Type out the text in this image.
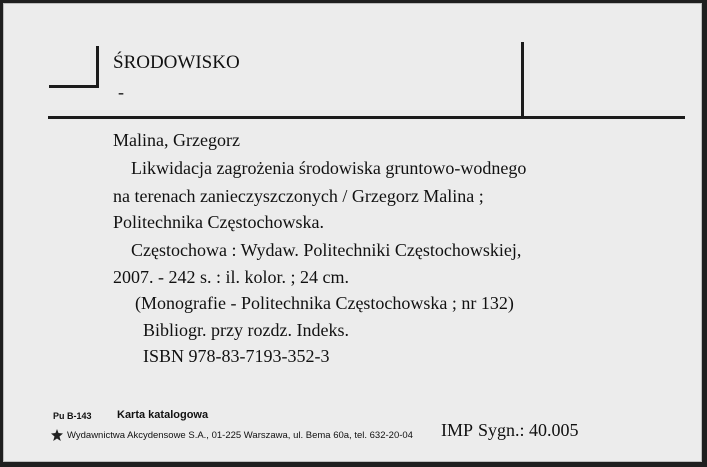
ŚRODOWISKO
-
Malina, Grzegorz
Likwidacja zagrożenia środowiska gruntowo-wodnego
na terenach zanieczyszczonych / Grzegorz Malina ;
Politechnika Częstochowska.
Częstochowa : Wydaw. Politechniki Częstochowskiej,
2007. - 242 s. : il. kolor. ; 24 cm.
(Monografie - Politechnika Częstochowska ; nr 132)
Bibliogr. przy rozdz. Indeks.
ISBN 978-83-7193-352-3
Pu B-143 Karta katalogowa
Wydawnictwa Akcydensowe S.A., 01-225 Warszawa, ul. Bema 60a, tel. 632-20-04 IMP Sygn.: 40.005
